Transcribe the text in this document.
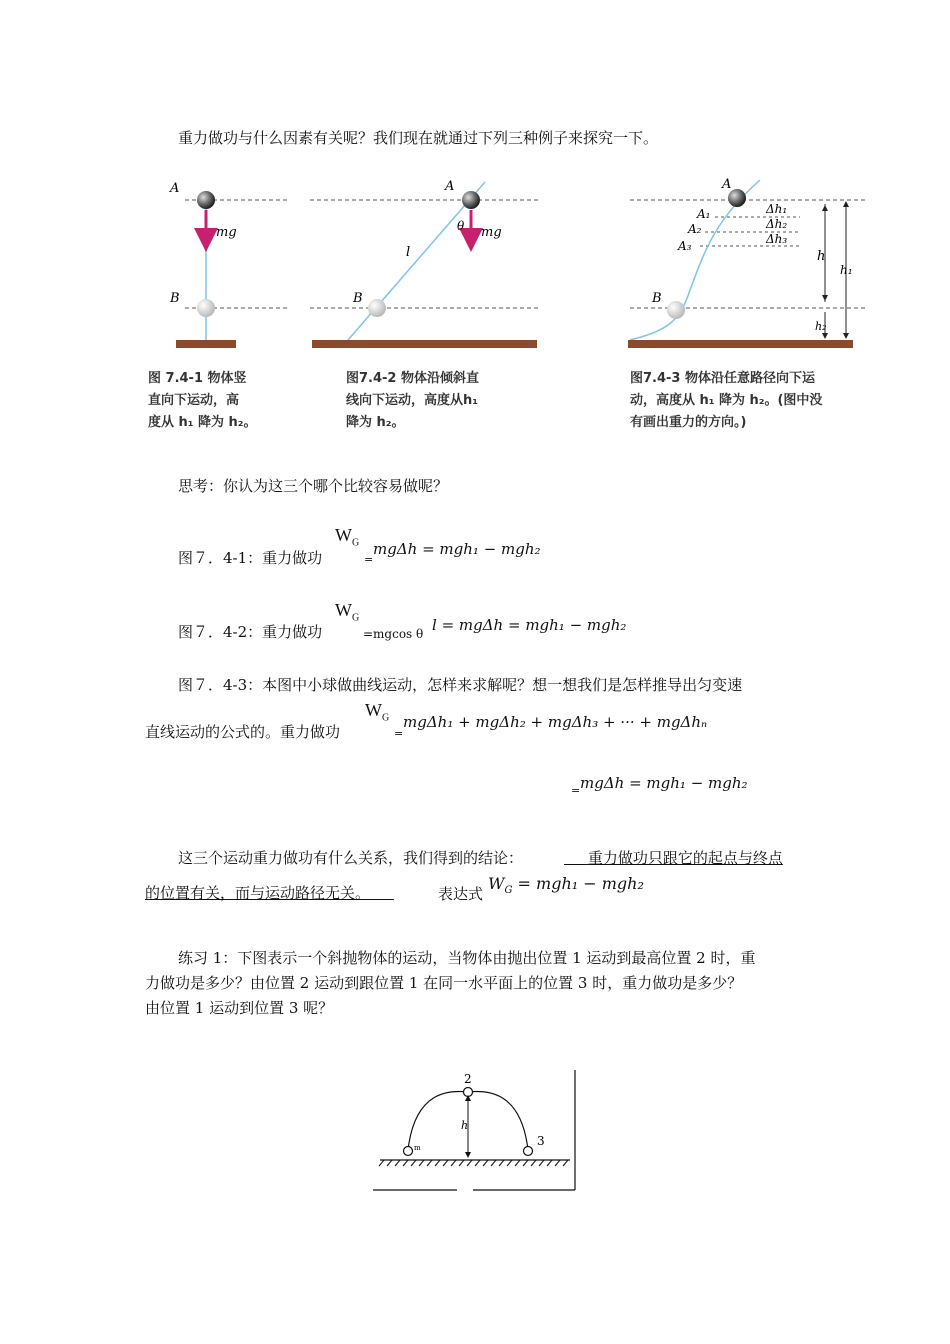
重力做功与什么因素有关呢？我们现在就通过下列三种例子来探究一下。
A
B
mg
A
B
mg
l
θ
A
A₁
A₂
A₃
Δh₁
Δh₂
Δh₃
B
h
h₁
h₂
图 7.4-1 物体竖
直向下运动，高
度从 h₁ 降为 h₂。
图7.4-2 物体沿倾斜直
线向下运动，高度从h₁
降为 h₂。
图7.4-3 物体沿任意路径向下运
动，高度从 h₁ 降为 h₂。(图中没
有画出重力的方向。)
思考：你认为这三个哪个比较容易做呢？
图７．4-1：重力做功
$W_G$
=
mgΔh = mgh₁ − mgh₂
图７．4-2：重力做功
$W_G$
=mgcos θ l = mgΔh = mgh₁ − mgh₂
图７．4-3：本图中小球做曲线运动，怎样来求解呢？想一想我们是怎样推导出匀变速
直线运动的公式的。重力做功
$W_G$
=
mgΔh₁ + mgΔh₂ + mgΔh₃ + ··· + mgΔhₙ
= mgΔh = mgh₁ − mgh₂
这三个运动重力做功有什么关系，我们得到的结论：	重力做功只跟它的起点与终点
的位置有关，而与运动路径无关。	表达式
$W_G = mgh_1 - mgh_2$
练习 1：下图表示一个斜抛物体的运动，当物体由抛出位置 1 运动到最高位置 2 时，重
力做功是多少？由位置 2 运动到跟位置 1 在同一水平面上的位置 3 时，重力做功是多少？
由位置 1 运动到位置 3 呢？
2
3
h
m
